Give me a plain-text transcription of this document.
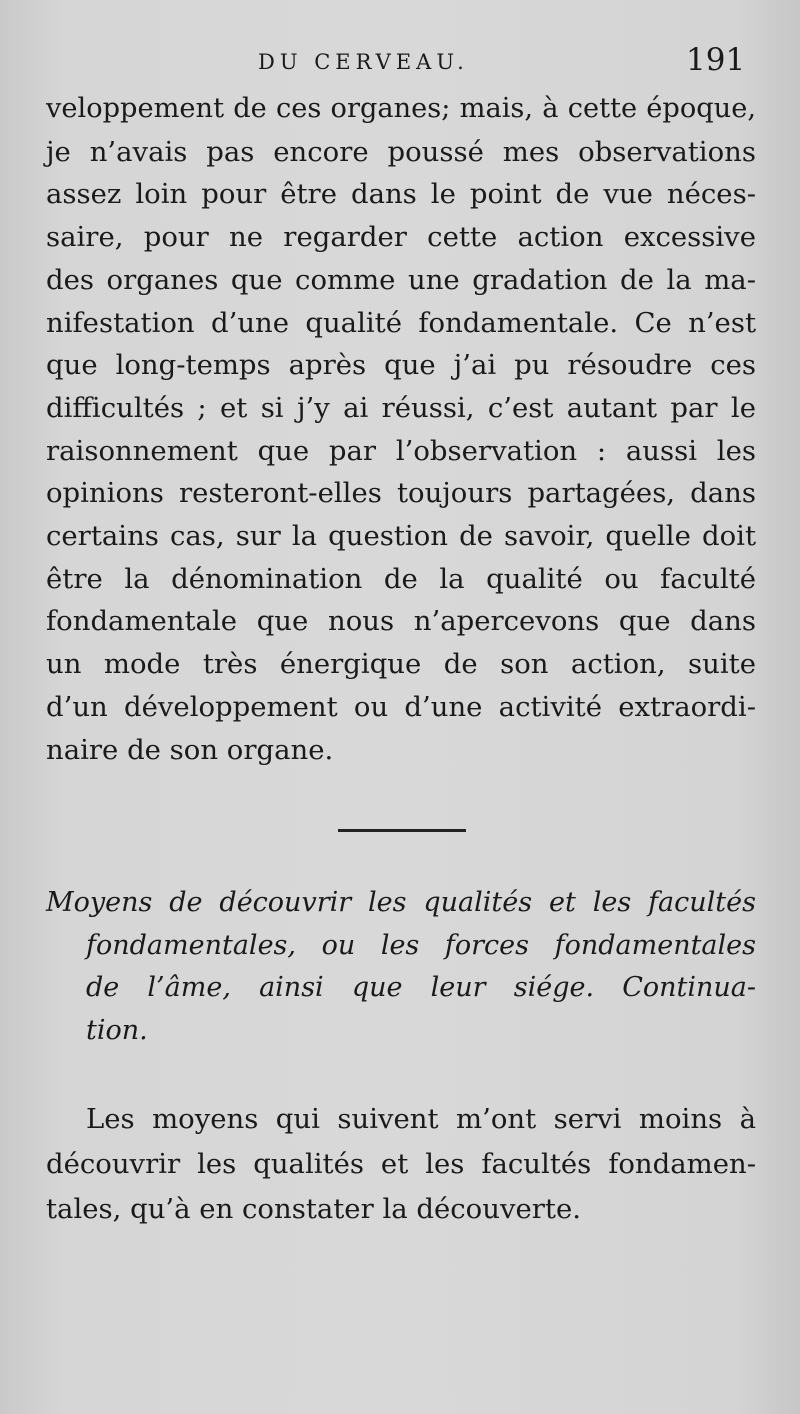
DU CERVEAU.	191
veloppement de ces organes; mais, à cette époque,
je n’avais pas encore poussé mes observations
assez loin pour être dans le point de vue néces-
saire, pour ne regarder cette action excessive
des organes que comme une gradation de la ma-
nifestation d’une qualité fondamentale. Ce n’est
que long-temps après que j’ai pu résoudre ces
difficultés ; et si j’y ai réussi, c’est autant par le
raisonnement que par l’observation : aussi les
opinions resteront-elles toujours partagées, dans
certains cas, sur la question de savoir, quelle doit
être la dénomination de la qualité ou faculté
fondamentale que nous n’apercevons que dans
un mode très énergique de son action, suite
d’un développement ou d’une activité extraordi-
naire de son organe.
Moyens de découvrir les qualités et les facultés
fondamentales, ou les forces fondamentales
de l’âme, ainsi que leur siége. Continua-
tion.
Les moyens qui suivent m’ont servi moins à
découvrir les qualités et les facultés fondamen-
tales, qu’à en constater la découverte.
